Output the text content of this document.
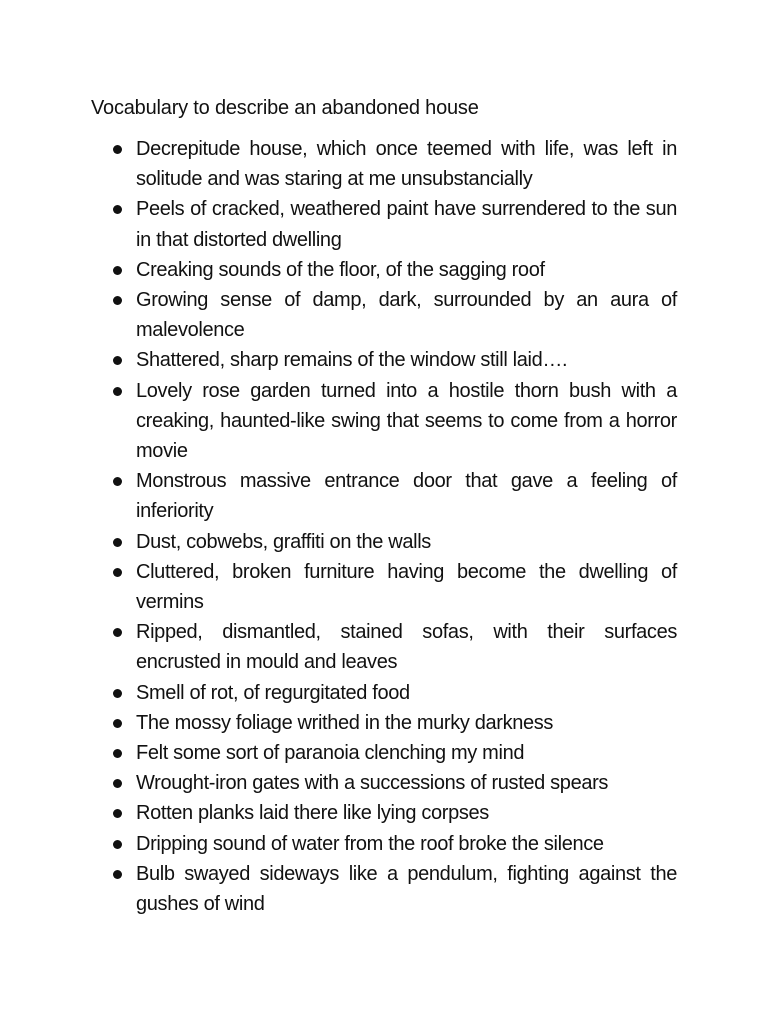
Vocabulary to describe an abandoned house
Decrepitude house, which once teemed with life, was left in solitude and was staring at me unsubstancially
Peels of cracked, weathered paint have surrendered to the sun in that distorted dwelling
Creaking sounds of the floor, of the sagging roof
Growing sense of damp, dark, surrounded by an aura of malevolence
Shattered, sharp remains of the window still laid….
Lovely rose garden turned into a hostile thorn bush with a creaking, haunted-like swing that seems to come from a horror movie
Monstrous massive entrance door that gave a feeling of inferiority
Dust, cobwebs, graffiti on the walls
Cluttered, broken furniture having become the dwelling of vermins
Ripped, dismantled, stained sofas, with their surfaces encrusted in mould and leaves
Smell of rot, of regurgitated food
The mossy foliage writhed in the murky darkness
Felt some sort of paranoia clenching my mind
Wrought-iron gates with a successions of rusted spears
Rotten planks laid there like lying corpses
Dripping sound of water from the roof broke the silence
Bulb swayed sideways like a pendulum, fighting against the gushes of wind
